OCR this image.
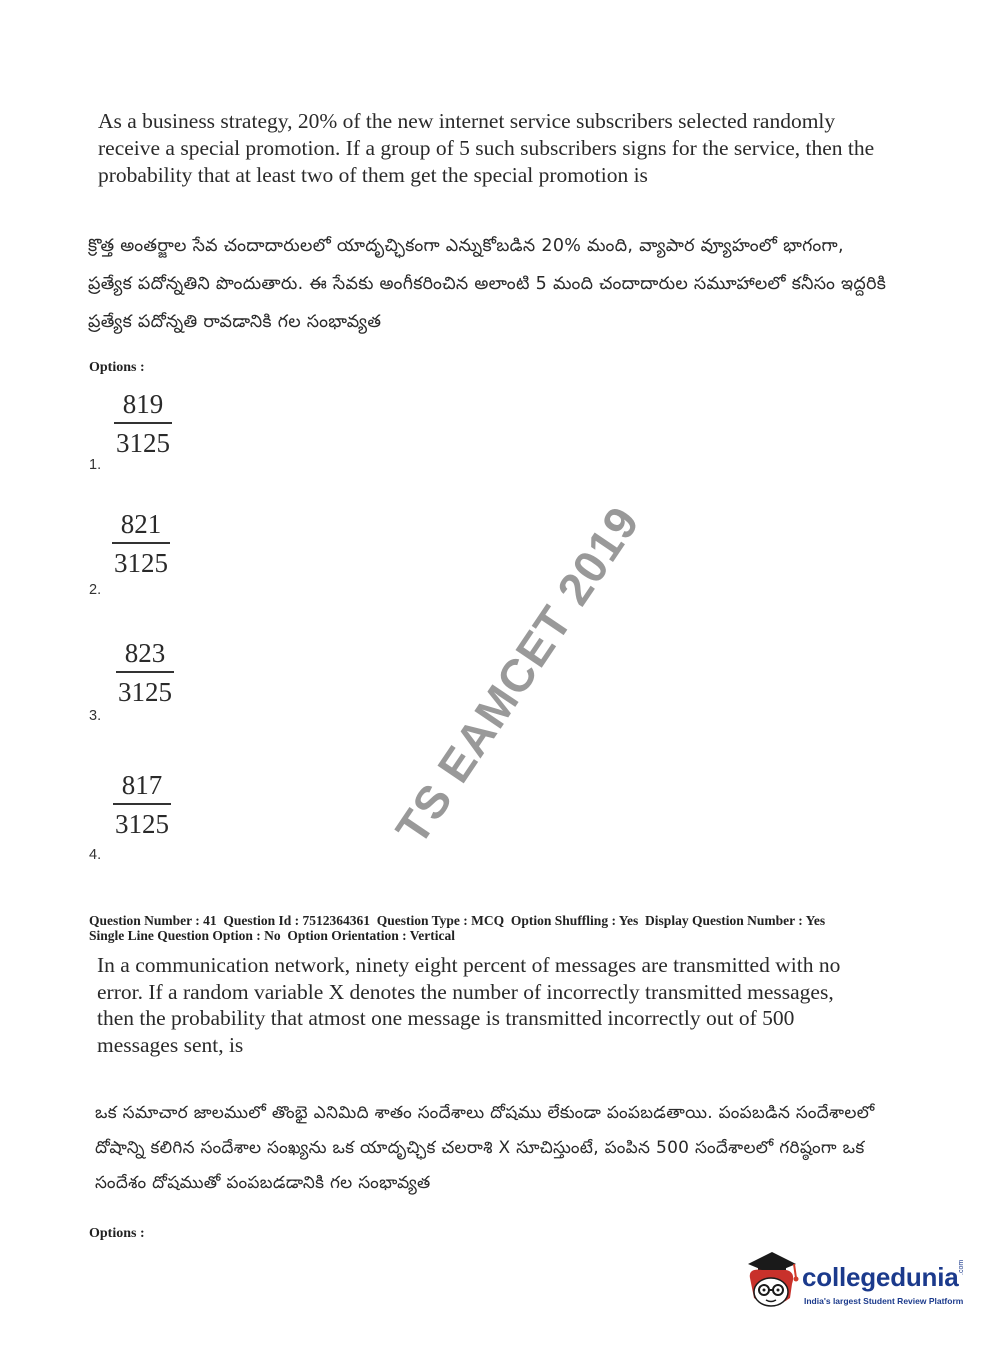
As a business strategy, 20% of the new internet service subscribers selected randomly receive a special promotion. If a group of 5 such subscribers signs for the service, then the probability that at least two of them get the special promotion is

క్రొత్త అంతర్జాల సేవ చందాదారులలో యాదృచ్ఛికంగా ఎన్నుకోబడిన 20% మంది, వ్యాపార వ్యూహంలో భాగంగా, ప్రత్యేక పదోన్నతిని పొందుతారు. ఈ సేవకు అంగీకరించిన అలాంటి 5 మంది చందాదారుల సమూహాలలో కనీసం ఇద్దరికి ప్రత్యేక పదోన్నతి రావడానికి గల సంభావ్యత

Options :
819
3125
1.
821
3125
2.
823
3125
3.
817
3125
4.
TS EAMCET 2019

Question Number : 41  Question Id : 7512364361  Question Type : MCQ  Option Shuffling : Yes  Display Question Number : Yes

Single Line Question Option : No  Option Orientation : Vertical

In a communication network, ninety eight percent of messages are transmitted with no error. If a random variable X denotes the number of incorrectly transmitted messages, then the probability that atmost one message is transmitted incorrectly out of 500 messages sent, is

ఒక సమాచార జాలములో తొంభై ఎనిమిది శాతం సందేశాలు దోషము లేకుండా పంపబడతాయి. పంపబడిన సందేశాలలో దోషాన్ని కలిగిన సందేశాల సంఖ్యను ఒక యాదృచ్ఛిక చలరాశి X సూచిస్తుంటే, పంపిన 500 సందేశాలలో గరిష్ఠంగా ఒక సందేశం దోషముతో పంపబడడానికి గల సంభావ్యత

Options :
collegedunia .com
India's largest Student Review Platform
